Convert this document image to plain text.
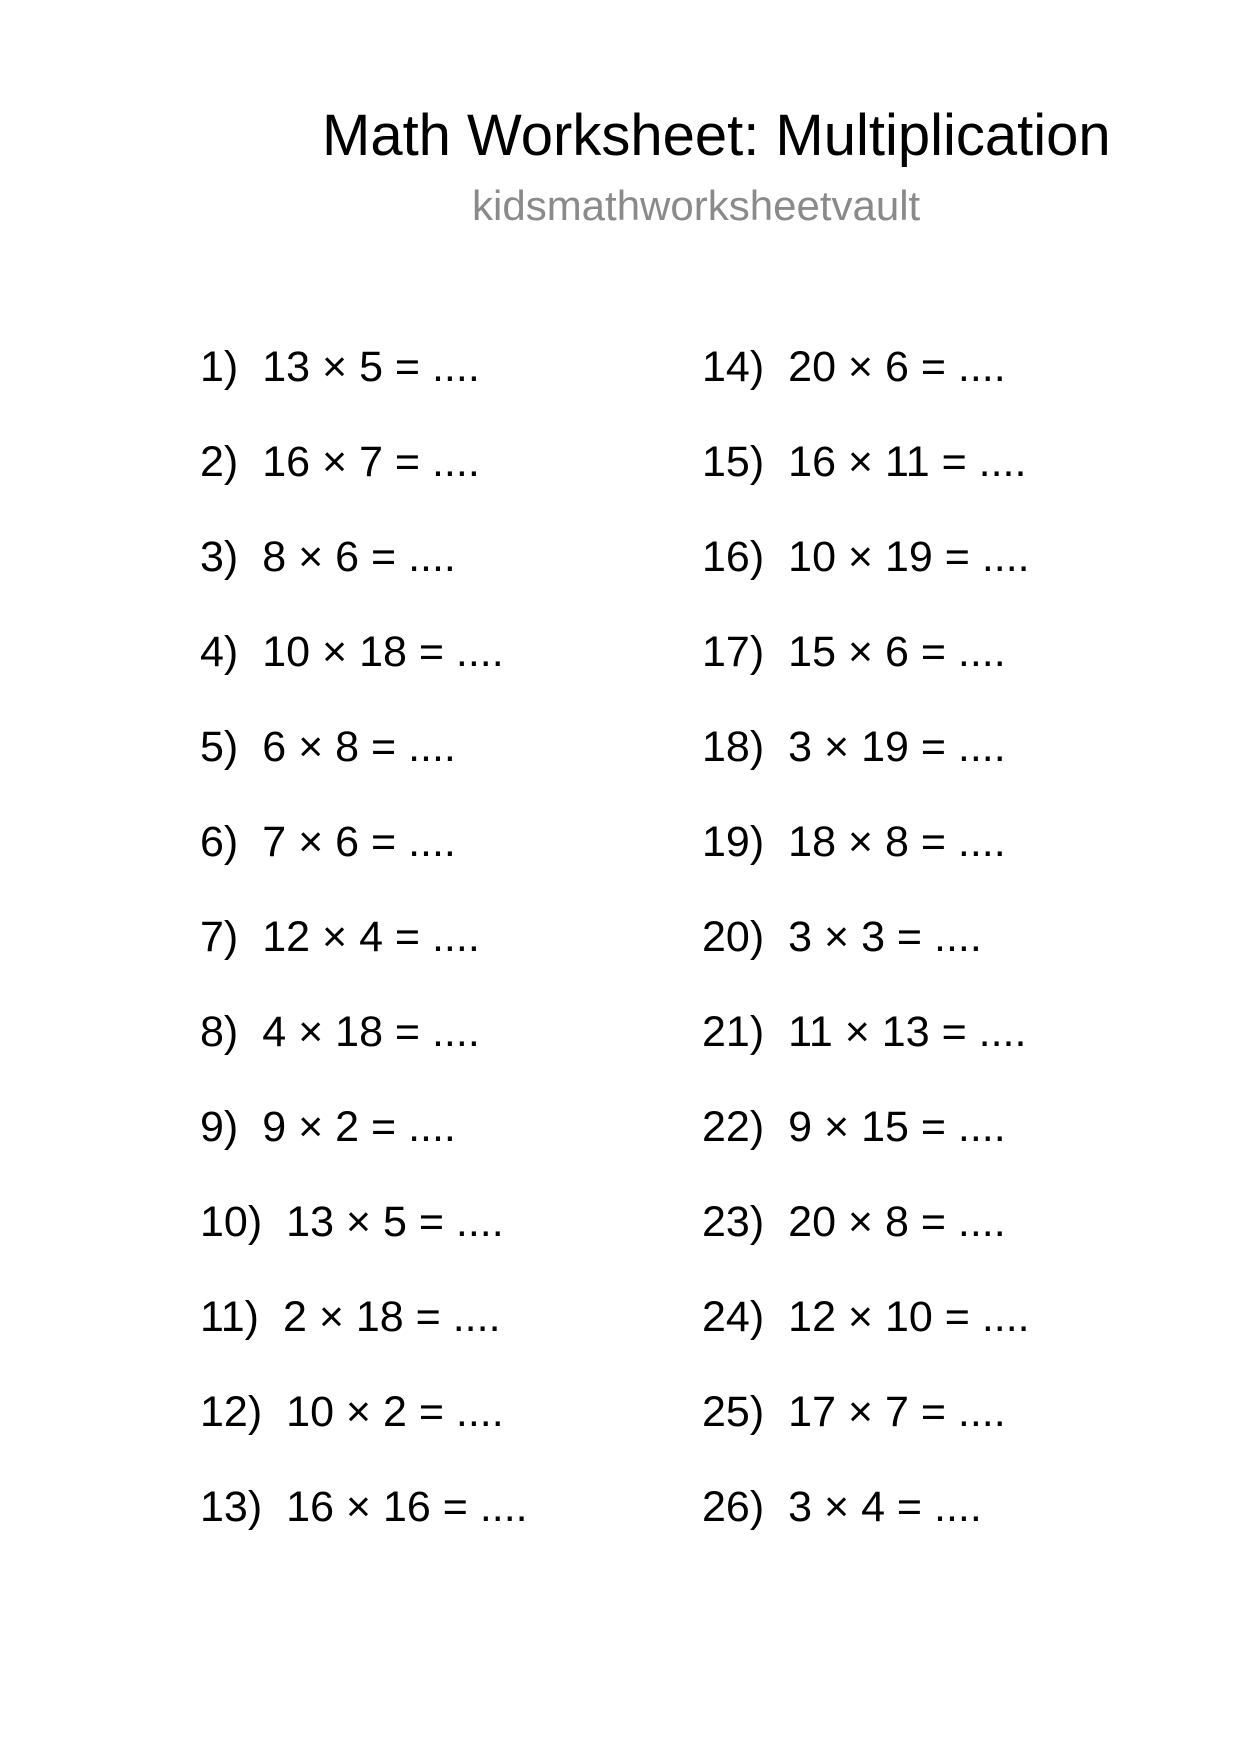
Math Worksheet: Multiplication
kidsmathworksheetvault
1) 13 × 5 = ....
2) 16 × 7 = ....
3) 8 × 6 = ....
4) 10 × 18 = ....
5) 6 × 8 = ....
6) 7 × 6 = ....
7) 12 × 4 = ....
8) 4 × 18 = ....
9) 9 × 2 = ....
10) 13 × 5 = ....
11) 2 × 18 = ....
12) 10 × 2 = ....
13) 16 × 16 = ....
14) 20 × 6 = ....
15) 16 × 11 = ....
16) 10 × 19 = ....
17) 15 × 6 = ....
18) 3 × 19 = ....
19) 18 × 8 = ....
20) 3 × 3 = ....
21) 11 × 13 = ....
22) 9 × 15 = ....
23) 20 × 8 = ....
24) 12 × 10 = ....
25) 17 × 7 = ....
26) 3 × 4 = ....
